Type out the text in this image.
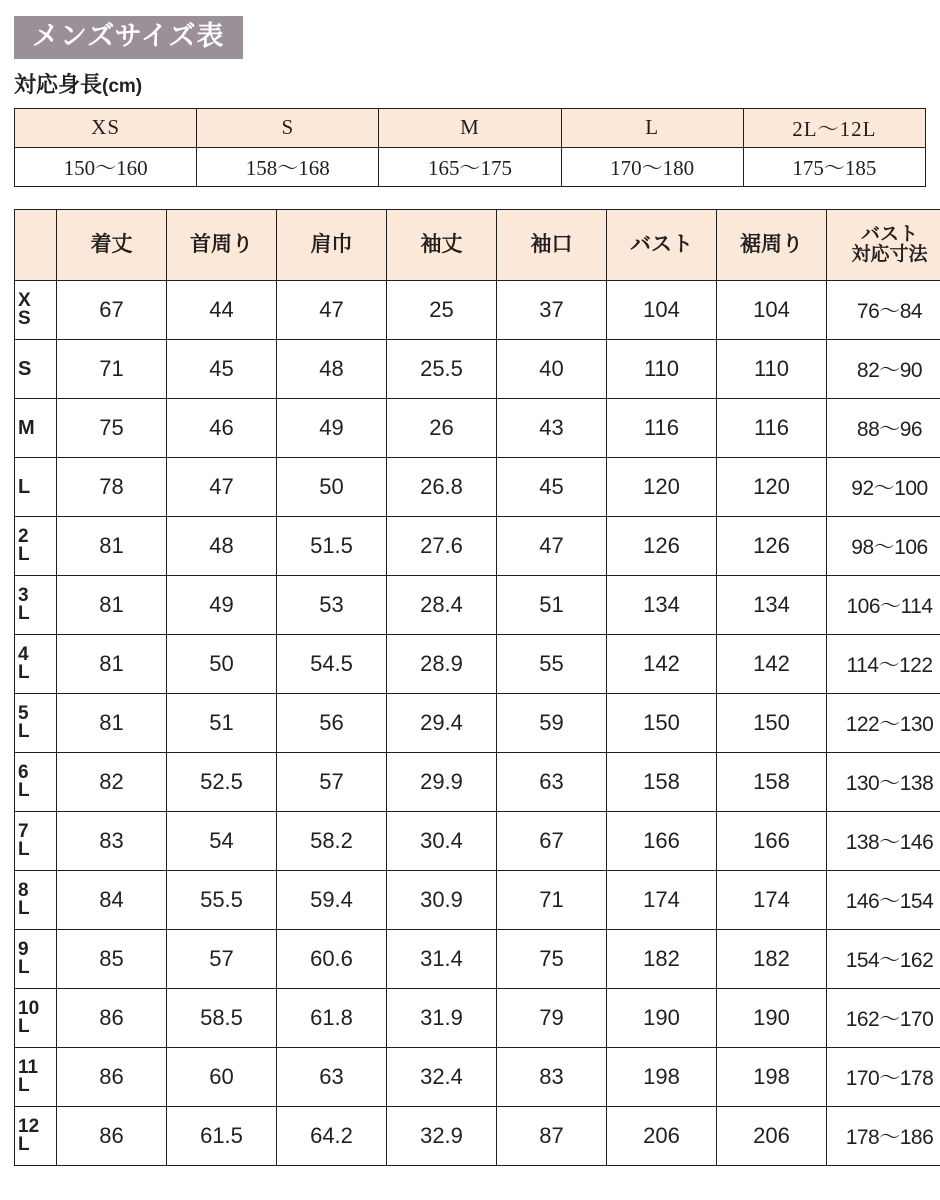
メンズサイズ表
対応身長(cm)
XS	S	M	L	2L〜12L
150〜160	158〜168	165〜175	170〜180	175〜185
	着丈	首周り	肩巾	袖丈	袖口	バスト	裾周り	バスト
対応寸法

X
S	67	44	47	25	37	104	104	76〜84
S	71	45	48	25.5	40	110	110	82〜90
M	75	46	49	26	43	116	116	88〜96
L	78	47	50	26.8	45	120	120	92〜100

2
L	81	48	51.5	27.6	47	126	126	98〜106

3
L	81	49	53	28.4	51	134	134	106〜114

4
L	81	50	54.5	28.9	55	142	142	114〜122

5
L	81	51	56	29.4	59	150	150	122〜130

6
L	82	52.5	57	29.9	63	158	158	130〜138

7
L	83	54	58.2	30.4	67	166	166	138〜146

8
L	84	55.5	59.4	30.9	71	174	174	146〜154

9
L	85	57	60.6	31.4	75	182	182	154〜162

10
L	86	58.5	61.8	31.9	79	190	190	162〜170

11
L	86	60	63	32.4	83	198	198	170〜178

12
L	86	61.5	64.2	32.9	87	206	206	178〜186
